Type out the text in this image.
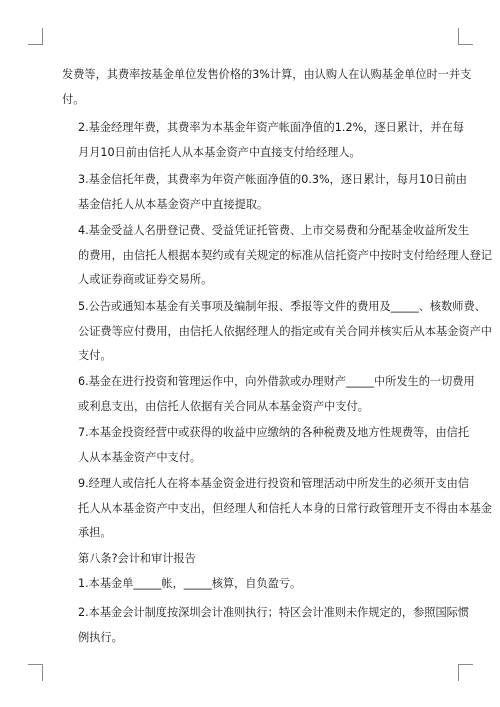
发费等，其费率按基金单位发售价格的3%计算，由认购人在认购基金单位时一并支
付。

2.基金经理年费，其费率为本基金年资产帐面净值的1.2%，逐日累计，并在每
月月10日前由信托人从本基金资产中直接支付给经理人。

3.基金信托年费，其费率为年资产帐面净值的0.3%，逐日累计，每月10日前由
基金信托人从本基金资产中直接提取。

4.基金受益人名册登记费、受益凭证托管费、上市交易费和分配基金收益所发生
的费用，由信托人根据本契约或有关规定的标准从信托资产中按时支付给经理人登记
人或证券商或证券交易所。

5.公告或通知本基金有关事项及编制年报、季报等文件的费用及_____、核数师费、
公证费等应付费用，由信托人依据经理人的指定或有关合同并核实后从本基金资产中
支付。

6.基金在进行投资和管理运作中，向外借款或办理财产_____中所发生的一切费用
或利息支出，由信托人依据有关合同从本基金资产中支付。

7.本基金投资经营中或获得的收益中应缴纳的各种税费及地方性规费等，由信托
人从本基金资产中支付。

9.经理人或信托人在将本基金资金进行投资和管理活动中所发生的必须开支由信
托人从本基金资产中支出，但经理人和信托人本身的日常行政管理开支不得由本基金
承担。

第八条?会计和审计报告

1.本基金单_____帐，_____核算，自负盈亏。

2.本基金会计制度按深圳会计准则执行；特区会计准则未作规定的，参照国际惯
例执行。
